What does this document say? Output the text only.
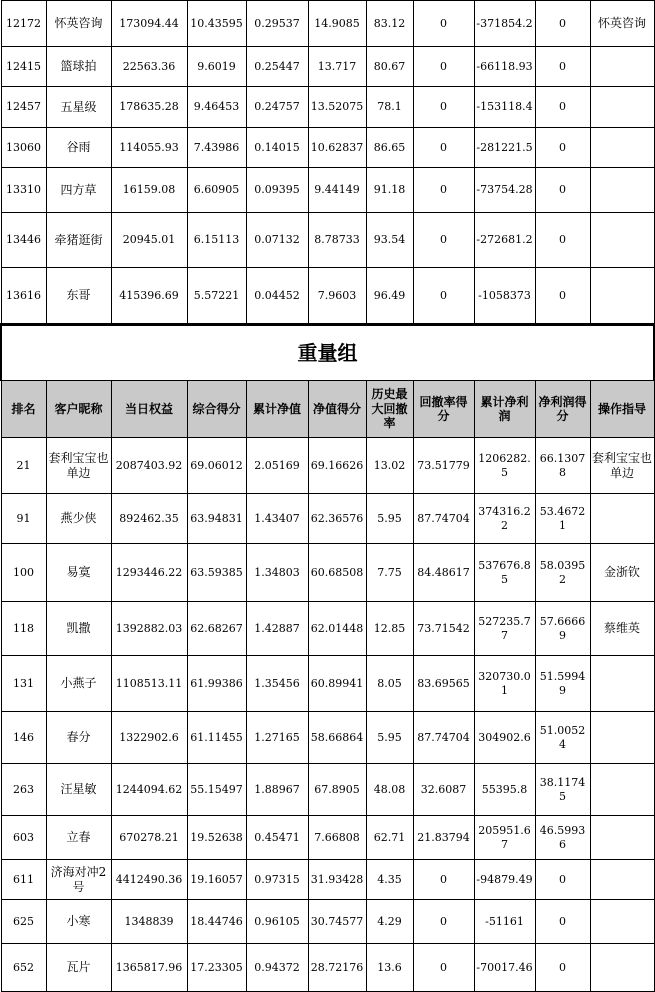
12172	怀英咨询	173094.44	10.43595	0.29537	14.9085	83.12	0	-371854.2	0	怀英咨询
12415	篮球拍	22563.36	9.6019	0.25447	13.717	80.67	0	-66118.93	0	
12457	五星级	178635.28	9.46453	0.24757	13.52075	78.1	0	-153118.4	0	
13060	谷雨	114055.93	7.43986	0.14015	10.62837	86.65	0	-281221.5	0	
13310	四方草	16159.08	6.60905	0.09395	9.44149	91.18	0	-73754.28	0	
13446	牵猪逛街	20945.01	6.15113	0.07132	8.78733	93.54	0	-272681.2	0	
13616	东哥	415396.69	5.57221	0.04452	7.9603	96.49	0	-1058373	0	
重量组										
排名	客户昵称	当日权益	综合得分	累计净值	净值得分	历史最大回撤率	回撤率得分	累计净利润	净利润得分	操作指导
21	套利宝宝也单边	2087403.92	69.06012	2.05169	69.16626	13.02	73.51779	1206282.5	66.13078	套利宝宝也单边
91	燕少侠	892462.35	63.94831	1.43407	62.36576	5.95	87.74704	374316.22	53.46721	
100	易寞	1293446.22	63.59385	1.34803	60.68508	7.75	84.48617	537676.85	58.03952	金浙钦
118	凯撒	1392882.03	62.68267	1.42887	62.01448	12.85	73.71542	527235.77	57.66669	蔡维英
131	小燕子	1108513.11	61.99386	1.35456	60.89941	8.05	83.69565	320730.01	51.59949	
146	春分	1322902.6	61.11455	1.27165	58.66864	5.95	87.74704	304902.6	51.00524	
263	汪星敏	1244094.62	55.15497	1.88967	67.8905	48.08	32.6087	55395.8	38.11745	
603	立春	670278.21	19.52638	0.45471	7.66808	62.71	21.83794	205951.67	46.59936	
611	济海对冲2号	4412490.36	19.16057	0.97315	31.93428	4.35	0	-94879.49	0	
625	小寒	1348839	18.44746	0.96105	30.74577	4.29	0	-51161	0	
652	瓦片	1365817.96	17.23305	0.94372	28.72176	13.6	0	-70017.46	0	
